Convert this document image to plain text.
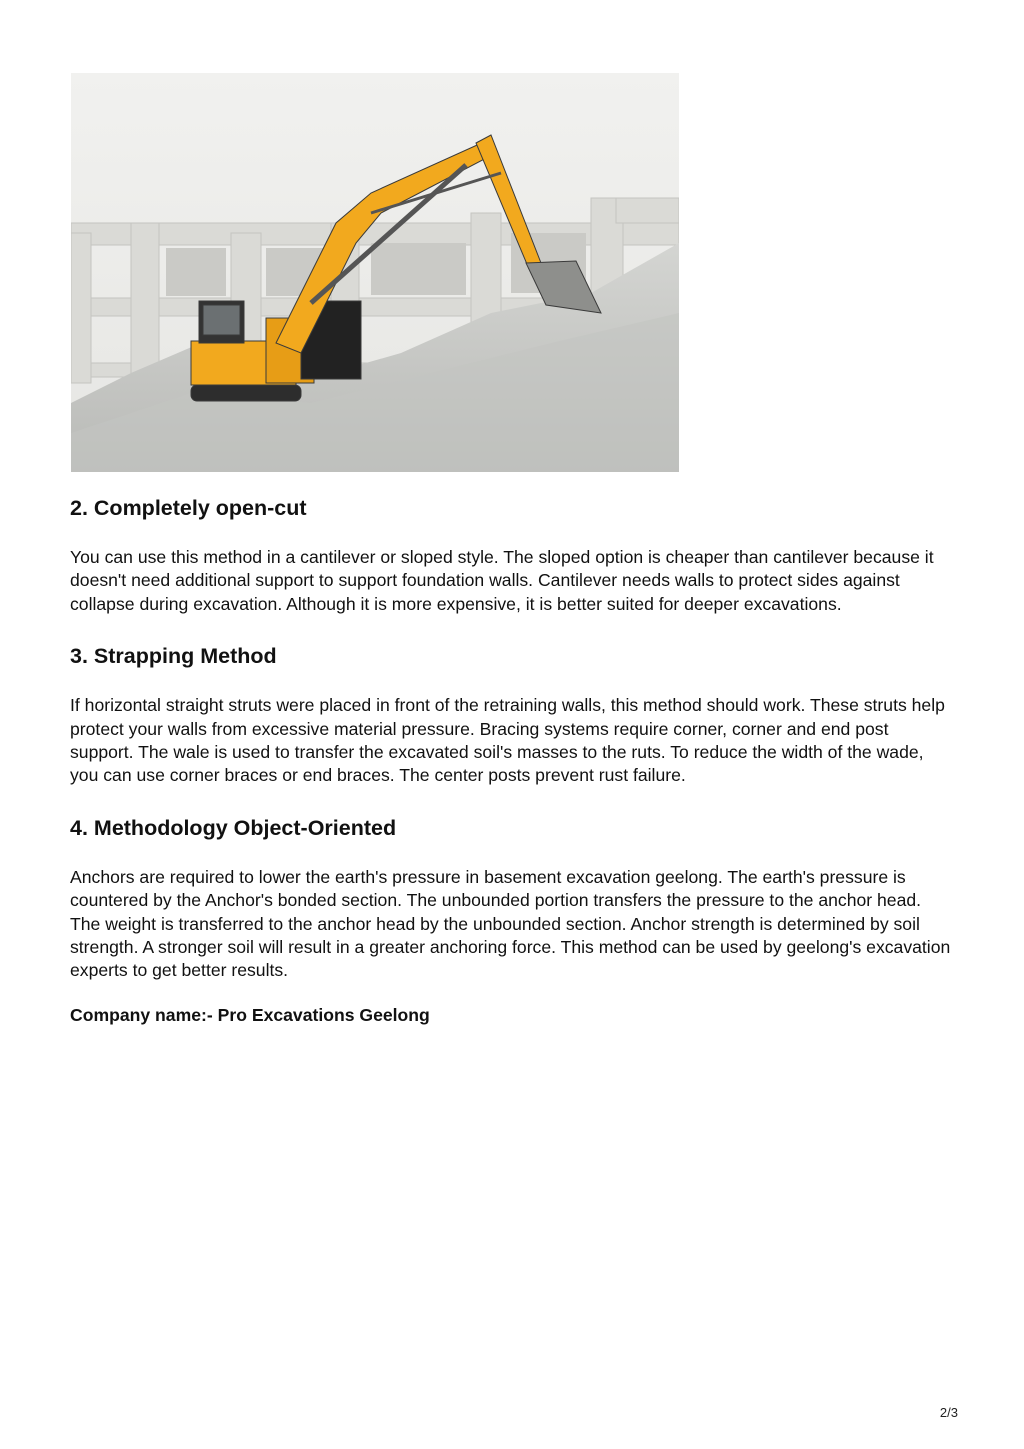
2. Completely open-cut

You can use this method in a cantilever or sloped style. The sloped option is cheaper than cantilever because it doesn't need additional support to support foundation walls. Cantilever needs walls to protect sides against collapse during excavation. Although it is more expensive, it is better suited for deeper excavations.

3. Strapping Method

If horizontal straight struts were placed in front of the retraining walls, this method should work. These struts help protect your walls from excessive material pressure. Bracing systems require corner, corner and end post support. The wale is used to transfer the excavated soil's masses to the ruts. To reduce the width of the wade, you can use corner braces or end braces. The center posts prevent rust failure.

4. Methodology Object-Oriented

Anchors are required to lower the earth's pressure in basement excavation geelong. The earth's pressure is countered by the Anchor's bonded section. The unbounded portion transfers the pressure to the anchor head. The weight is transferred to the anchor head by the unbounded section. Anchor strength is determined by soil strength. A stronger soil will result in a greater anchoring force. This method can be used by geelong's excavation experts to get better results.

Company name:- Pro Excavations Geelong

2/3
